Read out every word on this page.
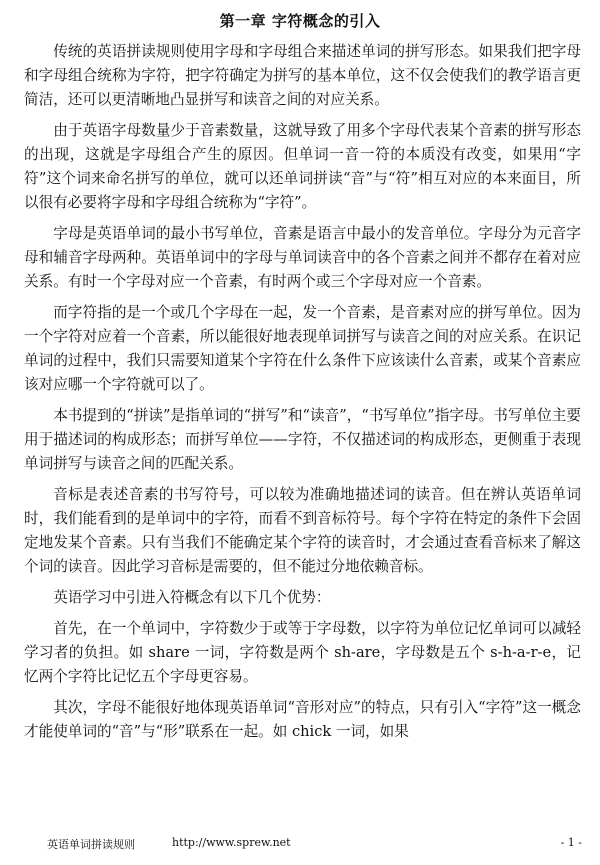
第一章 字符概念的引入

传统的英语拼读规则使用字母和字母组合来描述单词的拼写形态。如果我们把字母和字母组合统称为字符，把字符确定为拼写的基本单位，这不仅会使我们的教学语言更简洁，还可以更清晰地凸显拼写和读音之间的对应关系。

由于英语字母数量少于音素数量，这就导致了用多个字母代表某个音素的拼写形态的出现，这就是字母组合产生的原因。但单词一音一符的本质没有改变，如果用“字符”这个词来命名拼写的单位，就可以还单词拼读“音”与“符”相互对应的本来面目，所以很有必要将字母和字母组合统称为“字符”。

字母是英语单词的最小书写单位，音素是语言中最小的发音单位。字母分为元音字母和辅音字母两种。英语单词中的字母与单词读音中的各个音素之间并不都存在着对应关系。有时一个字母对应一个音素，有时两个或三个字母对应一个音素。

而字符指的是一个或几个字母在一起，发一个音素，是音素对应的拼写单位。因为一个字符对应着一个音素，所以能很好地表现单词拼写与读音之间的对应关系。在识记单词的过程中，我们只需要知道某个字符在什么条件下应该读什么音素，或某个音素应该对应哪一个字符就可以了。

本书提到的“拼读”是指单词的“拼写”和“读音”，“书写单位”指字母。书写单位主要用于描述词的构成形态；而拼写单位——字符，不仅描述词的构成形态，更侧重于表现单词拼写与读音之间的匹配关系。

音标是表述音素的书写符号，可以较为准确地描述词的读音。但在辨认英语单词时，我们能看到的是单词中的字符，而看不到音标符号。每个字符在特定的条件下会固定地发某个音素。只有当我们不能确定某个字符的读音时，才会通过查看音标来了解这个词的读音。因此学习音标是需要的，但不能过分地依赖音标。

英语学习中引进入符概念有以下几个优势：

首先，在一个单词中，字符数少于或等于字母数，以字符为单位记忆单词可以减轻学习者的负担。如 share 一词，字符数是两个 sh-are，字母数是五个 s-h-a-r-e，记忆两个字符比记忆五个字母更容易。

其次，字母不能很好地体现英语单词“音形对应”的特点，只有引入“字符”这一概念才能使单词的“音”与“形”联系在一起。如 chick 一词，如果

英语单词拼读规则	http://www.sprew.net	- 1 -
